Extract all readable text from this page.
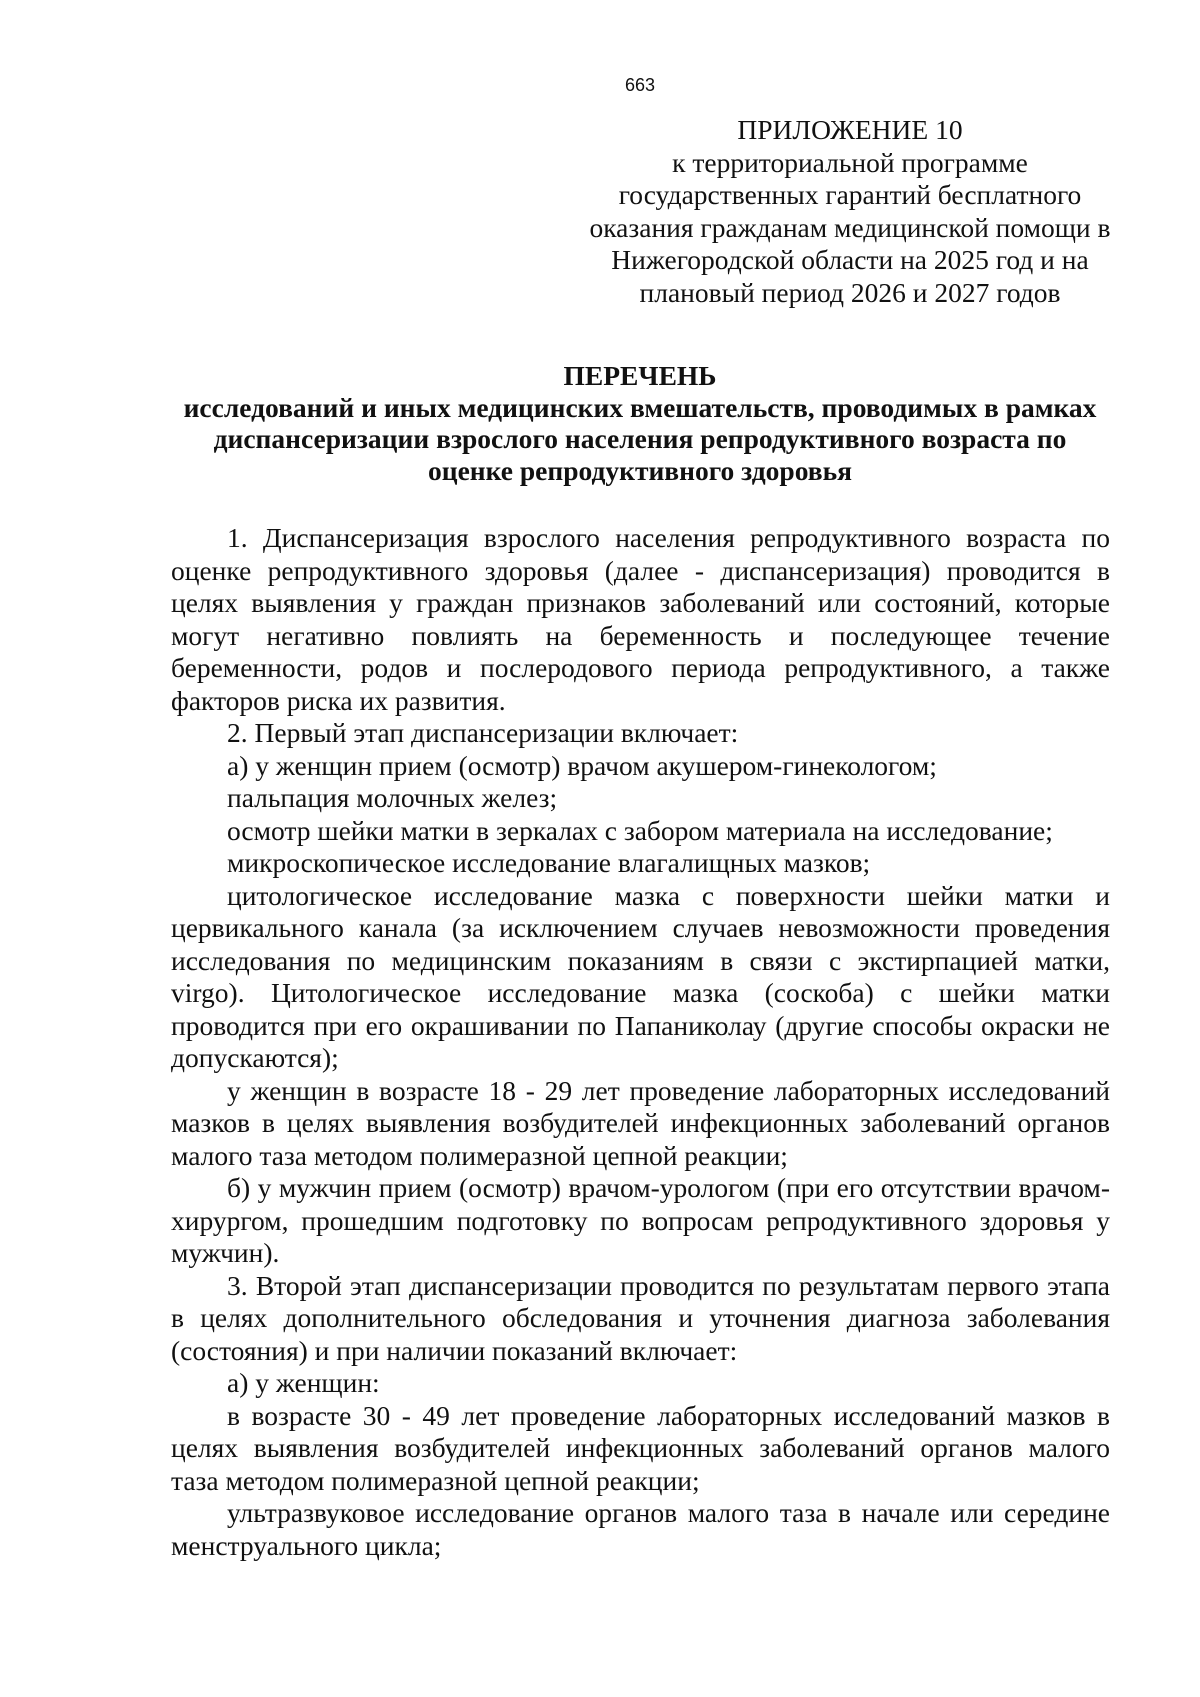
663
ПРИЛОЖЕНИЕ 10
к территориальной программе
государственных гарантий бесплатного
оказания гражданам медицинской помощи в
Нижегородской области на 2025 год и на
плановый период 2026 и 2027 годов
ПЕРЕЧЕНЬ
исследований и иных медицинских вмешательств, проводимых в рамках
диспансеризации взрослого населения репродуктивного возраста по
оценке репродуктивного здоровья

1. Диспансеризация взрослого населения репродуктивного возраста по оценке репродуктивного здоровья (далее - диспансеризация) проводится в целях выявления у граждан признаков заболеваний или состояний, которые могут негативно повлиять на беременность и последующее течение беременности, родов и послеродового периода репродуктивного, а также факторов риска их развития.

2. Первый этап диспансеризации включает:

а) у женщин прием (осмотр) врачом акушером-гинекологом;

пальпация молочных желез;

осмотр шейки матки в зеркалах с забором материала на исследование;

микроскопическое исследование влагалищных мазков;

цитологическое исследование мазка с поверхности шейки матки и цервикального канала (за исключением случаев невозможности проведения исследования по медицинским показаниям в связи с экстирпацией матки, virgo). Цитологическое исследование мазка (соскоба) с шейки матки проводится при его окрашивании по Папаниколау (другие способы окраски не допускаются);

у женщин в возрасте 18 - 29 лет проведение лабораторных исследований мазков в целях выявления возбудителей инфекционных заболеваний органов малого таза методом полимеразной цепной реакции;

б) у мужчин прием (осмотр) врачом-урологом (при его отсутствии врачом-хирургом, прошедшим подготовку по вопросам репродуктивного здоровья у мужчин).

3. Второй этап диспансеризации проводится по результатам первого этапа в целях дополнительного обследования и уточнения диагноза заболевания (состояния) и при наличии показаний включает:

а) у женщин:

в возрасте 30 - 49 лет проведение лабораторных исследований мазков в целях выявления возбудителей инфекционных заболеваний органов малого таза методом полимеразной цепной реакции;

ультразвуковое исследование органов малого таза в начале или середине менструального цикла;
